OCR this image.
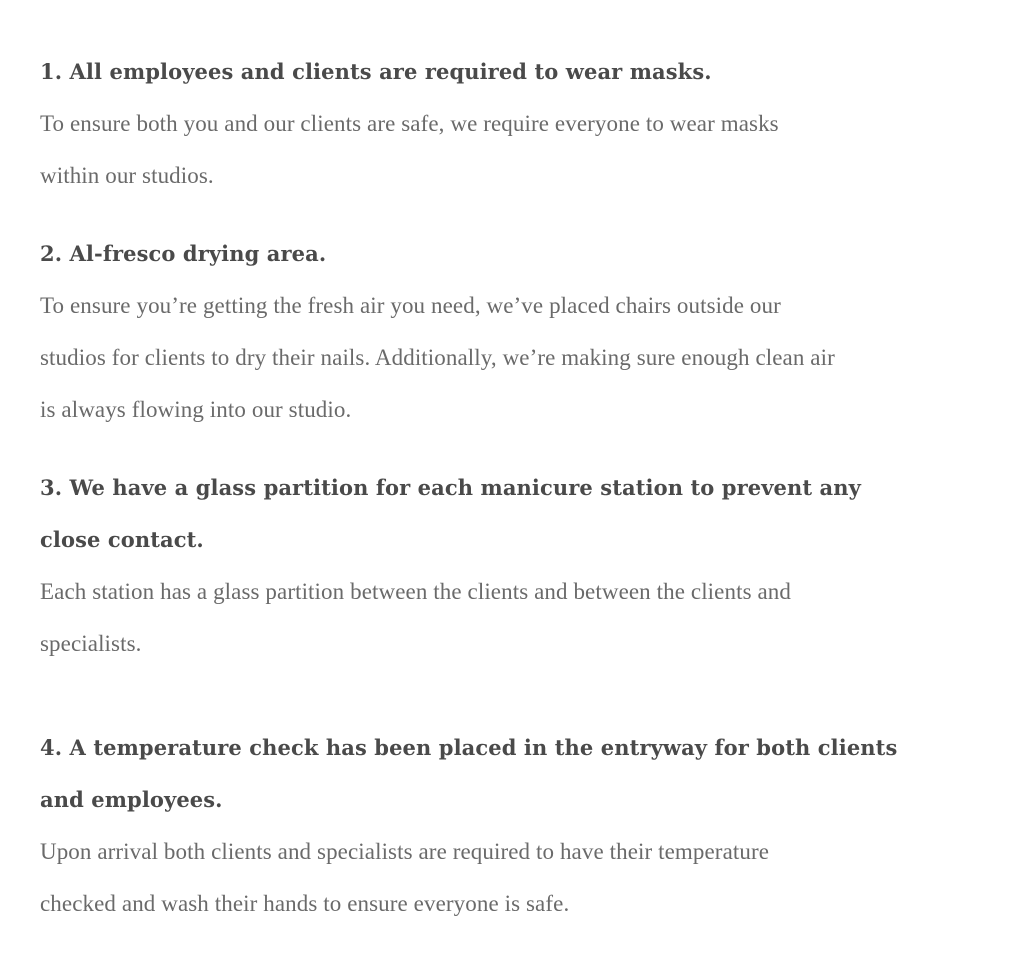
1. All employees and clients are required to wear masks.

To ensure both you and our clients are safe, we require everyone to wear masks
within our studios.

2. Al-fresco drying area.

To ensure you’re getting the fresh air you need, we’ve placed chairs outside our
studios for clients to dry their nails. Additionally, we’re making sure enough clean air
is always flowing into our studio.

3. We have a glass partition for each manicure station to prevent any
close contact.

Each station has a glass partition between the clients and between the clients and
specialists.

4. A temperature check has been placed in the entryway for both clients
and employees.

Upon arrival both clients and specialists are required to have their temperature
checked and wash their hands to ensure everyone is safe.
